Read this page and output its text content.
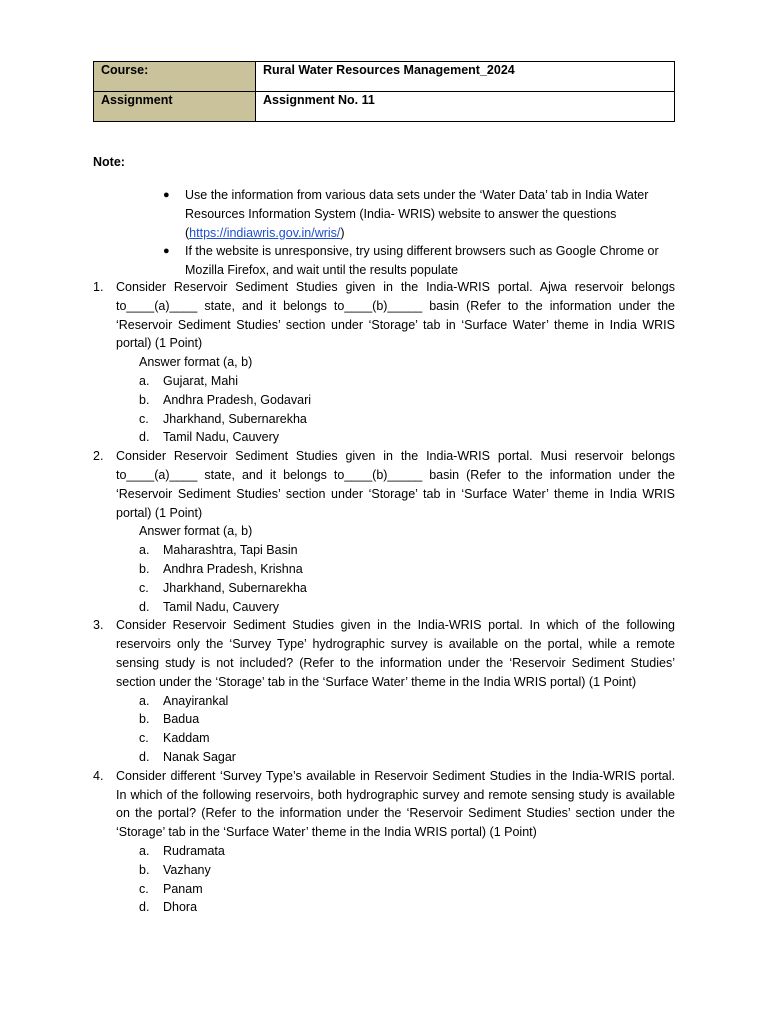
Course:	Rural Water Resources Management_2024

Assignment	Assignment No. 11
Note:
● Use the information from various data sets under the ‘Water Data’ tab in India Water Resources Information System (India- WRIS) website to answer the questions (https://indiawris.gov.in/wris/)
● If the website is unresponsive, try using different browsers such as Google Chrome or Mozilla Firefox, and wait until the results populate
1. Consider Reservoir Sediment Studies given in the India-WRIS portal. Ajwa reservoir belongs to____(a)____ state, and it belongs to____(b)_____ basin (Refer to the information under the ‘Reservoir Sediment Studies’ section under ‘Storage’ tab in ‘Surface Water’ theme in India WRIS portal) (1 Point)
Answer format (a, b)
a. Gujarat, Mahi
b. Andhra Pradesh, Godavari
c. Jharkhand, Subernarekha
d. Tamil Nadu, Cauvery
2. Consider Reservoir Sediment Studies given in the India-WRIS portal. Musi reservoir belongs to____(a)____ state, and it belongs to____(b)_____ basin (Refer to the information under the ‘Reservoir Sediment Studies’ section under ‘Storage’ tab in ‘Surface Water’ theme in India WRIS portal) (1 Point)
Answer format (a, b)
a. Maharashtra, Tapi Basin
b. Andhra Pradesh, Krishna
c. Jharkhand, Subernarekha
d. Tamil Nadu, Cauvery
3. Consider Reservoir Sediment Studies given in the India-WRIS portal. In which of the following reservoirs only the ‘Survey Type’ hydrographic survey is available on the portal, while a remote sensing study is not included? (Refer to the information under the ‘Reservoir Sediment Studies’ section under the ‘Storage’ tab in the ‘Surface Water’ theme in the India WRIS portal) (1 Point)
a. Anayirankal
b. Badua
c. Kaddam
d. Nanak Sagar
4. Consider different ‘Survey Type’s available in Reservoir Sediment Studies in the India-WRIS portal. In which of the following reservoirs, both hydrographic survey and remote sensing study is available on the portal? (Refer to the information under the ‘Reservoir Sediment Studies’ section under the ‘Storage’ tab in the ‘Surface Water’ theme in the India WRIS portal) (1 Point)
a. Rudramata
b. Vazhany
c. Panam
d. Dhora
